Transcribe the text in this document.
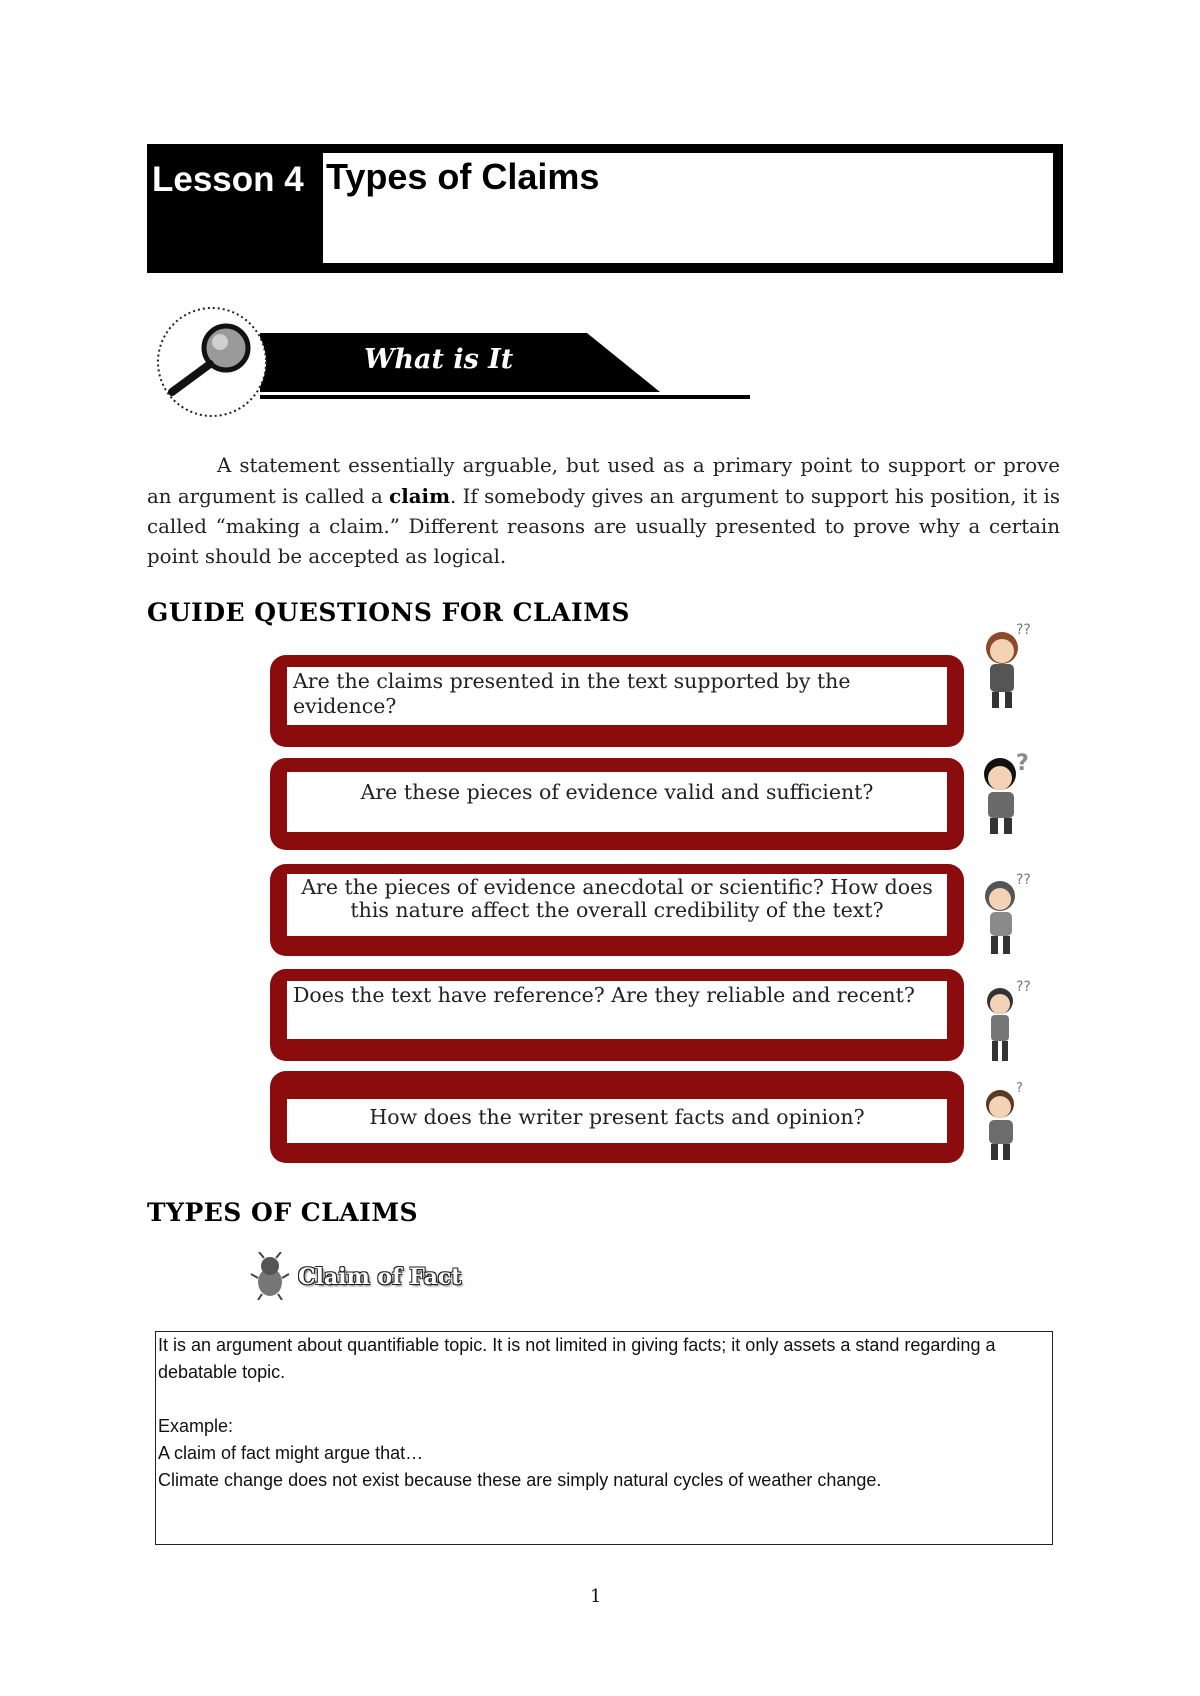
Lesson 4 Types of Claims
What is It

A statement essentially arguable, but used as a primary point to support or prove an argument is called a claim. If somebody gives an argument to support his position, it is called “making a claim.” Different reasons are usually presented to prove why a certain point should be accepted as logical.

GUIDE QUESTIONS FOR CLAIMS
Are the claims presented in the text supported by the evidence?
Are these pieces of evidence valid and sufficient?
Are the pieces of evidence anecdotal or scientific? How does this nature affect the overall credibility of the text?
Does the text have reference? Are they reliable and recent?
How does the writer present facts and opinion?
??
?
??
??
?
TYPES OF CLAIMS
Claim of Fact

It is an argument about quantifiable topic. It is not limited in giving facts; it only assets a stand regarding a debatable topic.

Example:

A claim of fact might argue that…

Climate change does not exist because these are simply natural cycles of weather change.

1
